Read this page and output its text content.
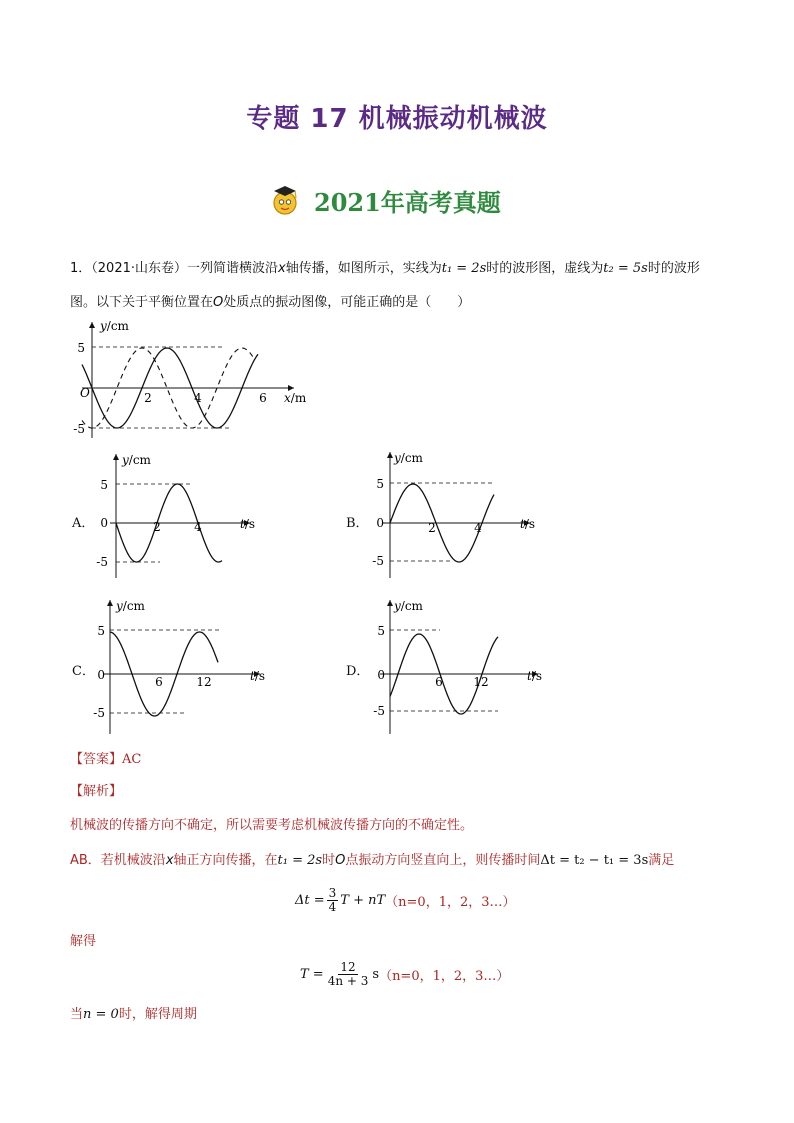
专题 17 机械振动机械波
2021年高考真题
1．（2021·山东卷）一列简谐横波沿x轴传播，如图所示，实线为t₁ = 2s时的波形图，虚线为t₂ = 5s时的波形
图。以下关于平衡位置在O处质点的振动图像，可能正确的是（　　）
y/cm
O
5
-5
2	4	6 x/m
A．
y/cm
5
0
-5
2	4	t/s	B．
y/cm
5
0
-5
2	4	t/s
C．
y/cm
5
0
-5
6	12	t/s	D．
y/cm
5
0
-5
6	12	t/s
【答案】AC
【解析】
机械波的传播方向不确定，所以需要考虑机械波传播方向的不确定性。
AB．若机械波沿x轴正方向传播，在t₁ = 2s时O点振动方向竖直向上，则传播时间Δt = t₂ − t₁ = 3s满足
$\Delta t = \frac{3}{4}$ T + nT （n=0，1，2，3…）
解得
$T = \frac{12}{4n + 3}$ s （n=0，1，2，3…）
当n = 0时，解得周期
